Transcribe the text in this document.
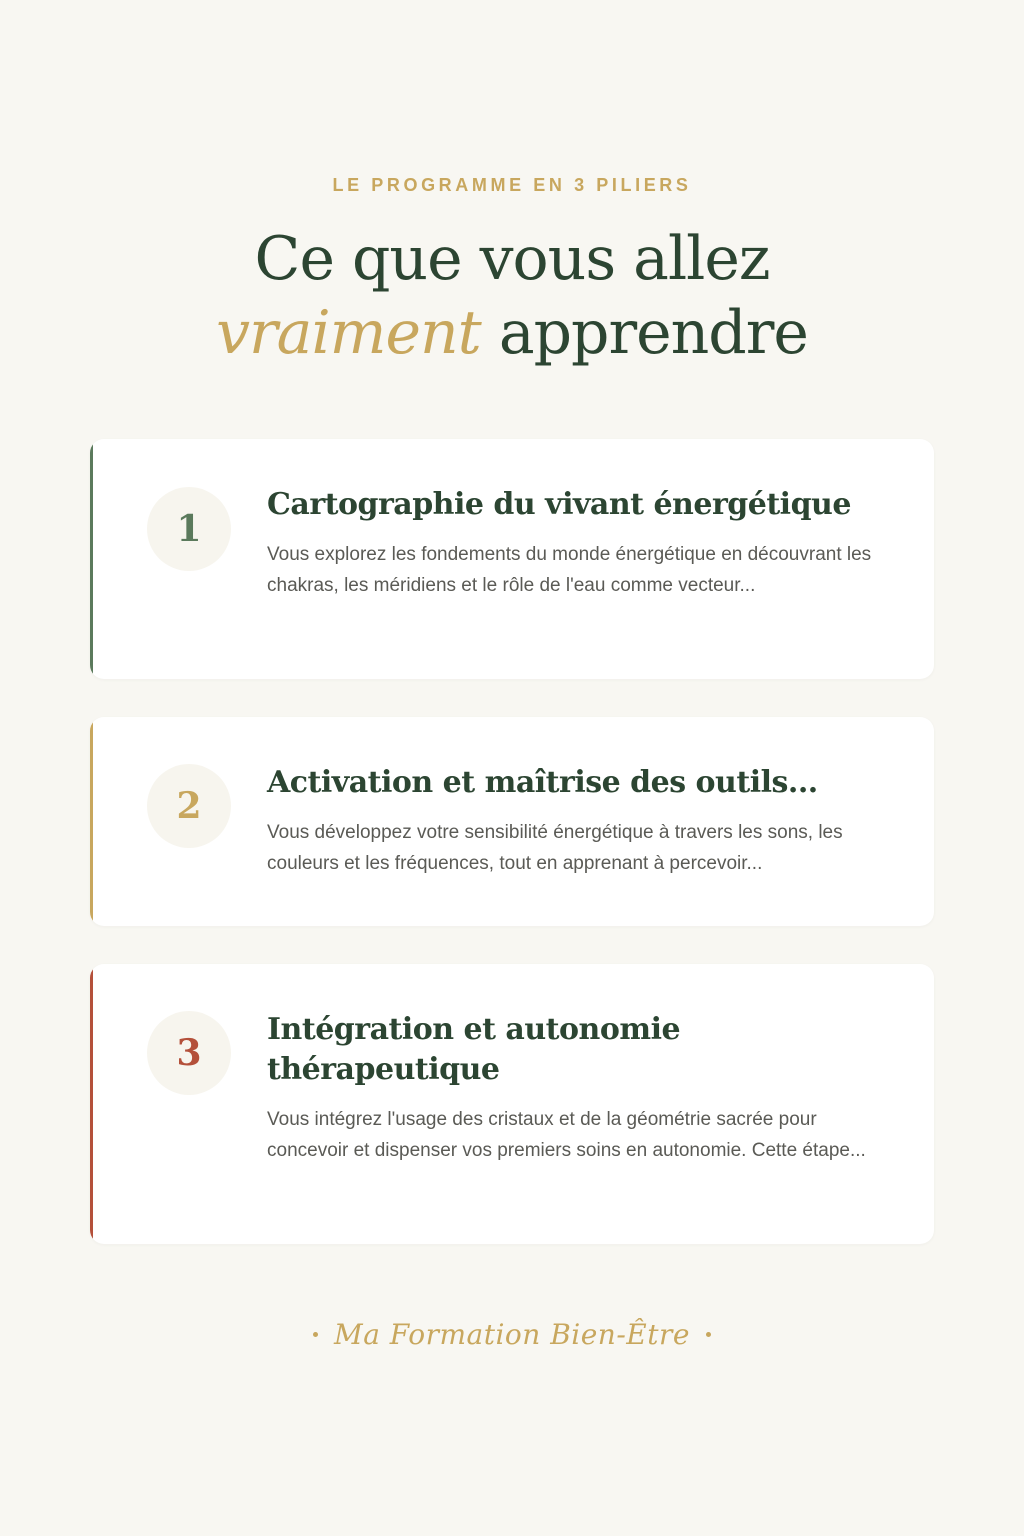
LE PROGRAMME EN 3 PILIERS
Ce que vous allez
vraiment apprendre
1
Cartographie du vivant énergétique

Vous explorez les fondements du monde énergétique en découvrant les chakras, les méridiens et le rôle de l'eau comme vecteur...

2
Activation et maîtrise des outils...

Vous développez votre sensibilité énergétique à travers les sons, les couleurs et les fréquences, tout en apprenant à percevoir...

3
Intégration et autonomie thérapeutique

Vous intégrez l'usage des cristaux et de la géométrie sacrée pour concevoir et dispenser vos premiers soins en autonomie. Cette étape...

Ma Formation Bien-Être
